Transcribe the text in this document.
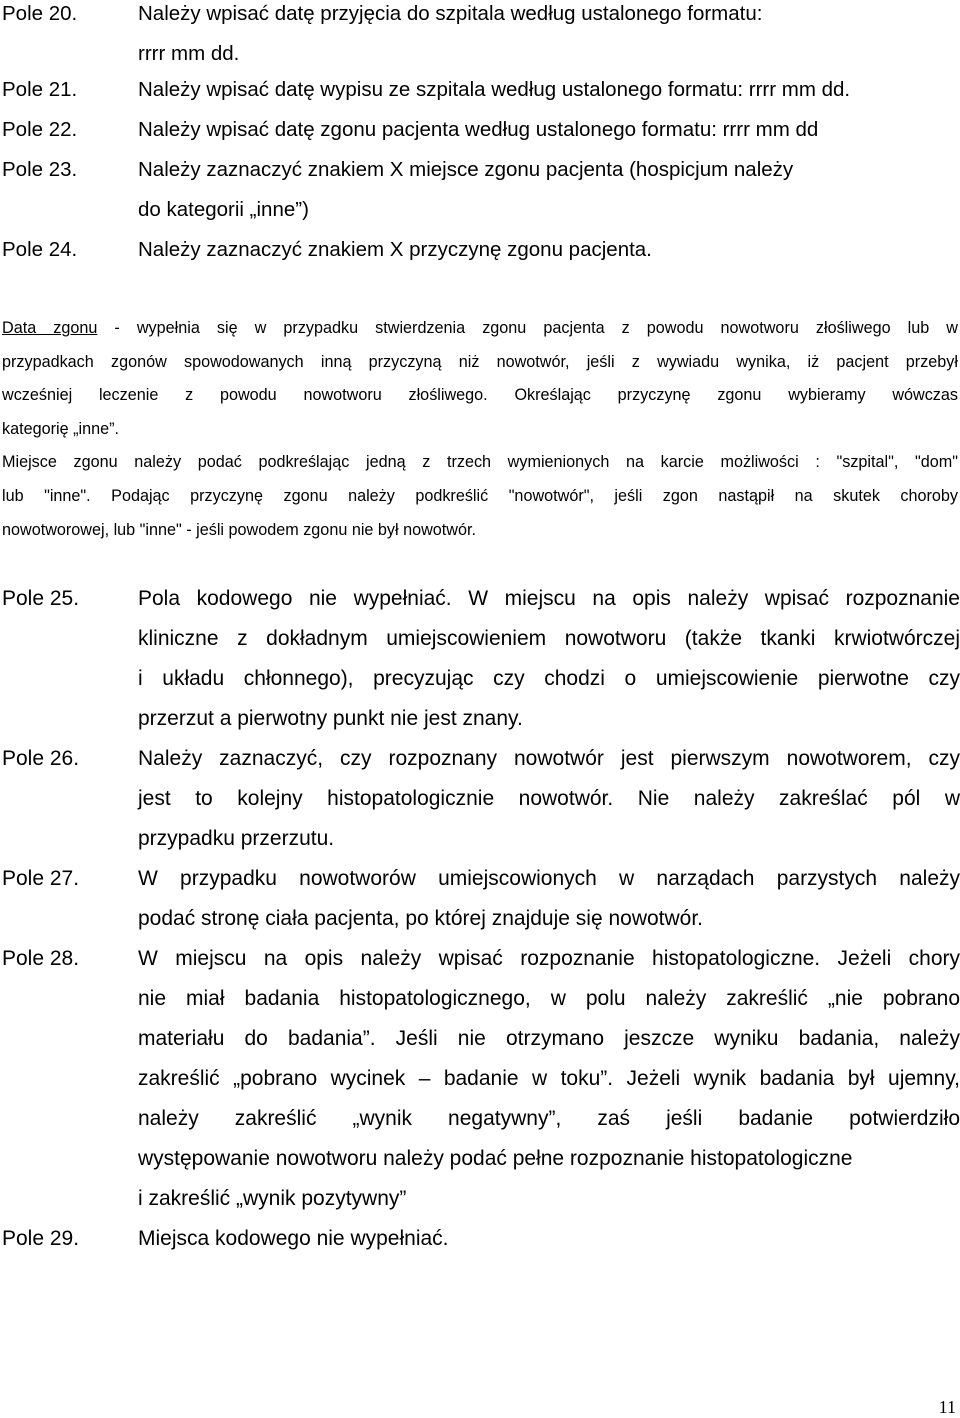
Pole 20.	Należy wpisać datę przyjęcia do szpitala według ustalonego formatu:
rrrr mm dd.
Pole 21.	Należy wpisać datę wypisu ze szpitala według ustalonego formatu: rrrr mm dd.
Pole 22.	Należy wpisać datę zgonu pacjenta według ustalonego formatu: rrrr mm dd
Pole 23.	Należy zaznaczyć znakiem X miejsce zgonu pacjenta (hospicjum należy
do kategorii „inne”)
Pole 24.	Należy zaznaczyć znakiem X przyczynę zgonu pacjenta.
Data zgonu - wypełnia się w przypadku stwierdzenia zgonu pacjenta z powodu nowotworu złośliwego lub w
przypadkach zgonów spowodowanych inną przyczyną niż nowotwór, jeśli z wywiadu wynika, iż pacjent przebył
wcześniej leczenie z powodu nowotworu złośliwego. Określając przyczynę zgonu wybieramy wówczas
kategorię „inne”.
Miejsce zgonu należy podać podkreślając jedną z trzech wymienionych na karcie możliwości : "szpital", "dom"
lub "inne". Podając przyczynę zgonu należy podkreślić "nowotwór", jeśli zgon nastąpił na skutek choroby
nowotworowej, lub "inne" - jeśli powodem zgonu nie był nowotwór.
Pole 25.	Pola kodowego nie wypełniać. W miejscu na opis należy wpisać rozpoznanie
kliniczne z dokładnym umiejscowieniem nowotworu (także tkanki krwiotwórczej
i układu chłonnego), precyzując czy chodzi o umiejscowienie pierwotne czy
przerzut a pierwotny punkt nie jest znany.
Pole 26.	Należy zaznaczyć, czy rozpoznany nowotwór jest pierwszym nowotworem, czy
jest to kolejny histopatologicznie nowotwór. Nie należy zakreślać pól w
przypadku przerzutu.
Pole 27.	W przypadku nowotworów umiejscowionych w narządach parzystych należy
podać stronę ciała pacjenta, po której znajduje się nowotwór.
Pole 28.	W miejscu na opis należy wpisać rozpoznanie histopatologiczne. Jeżeli chory
nie miał badania histopatologicznego, w polu należy zakreślić „nie pobrano
materiału do badania”. Jeśli nie otrzymano jeszcze wyniku badania, należy
zakreślić „pobrano wycinek – badanie w toku”. Jeżeli wynik badania był ujemny,
należy zakreślić „wynik negatywny”, zaś jeśli badanie potwierdziło
występowanie nowotworu należy podać pełne rozpoznanie histopatologiczne
i zakreślić „wynik pozytywny”
Pole 29.	Miejsca kodowego nie wypełniać.
11
